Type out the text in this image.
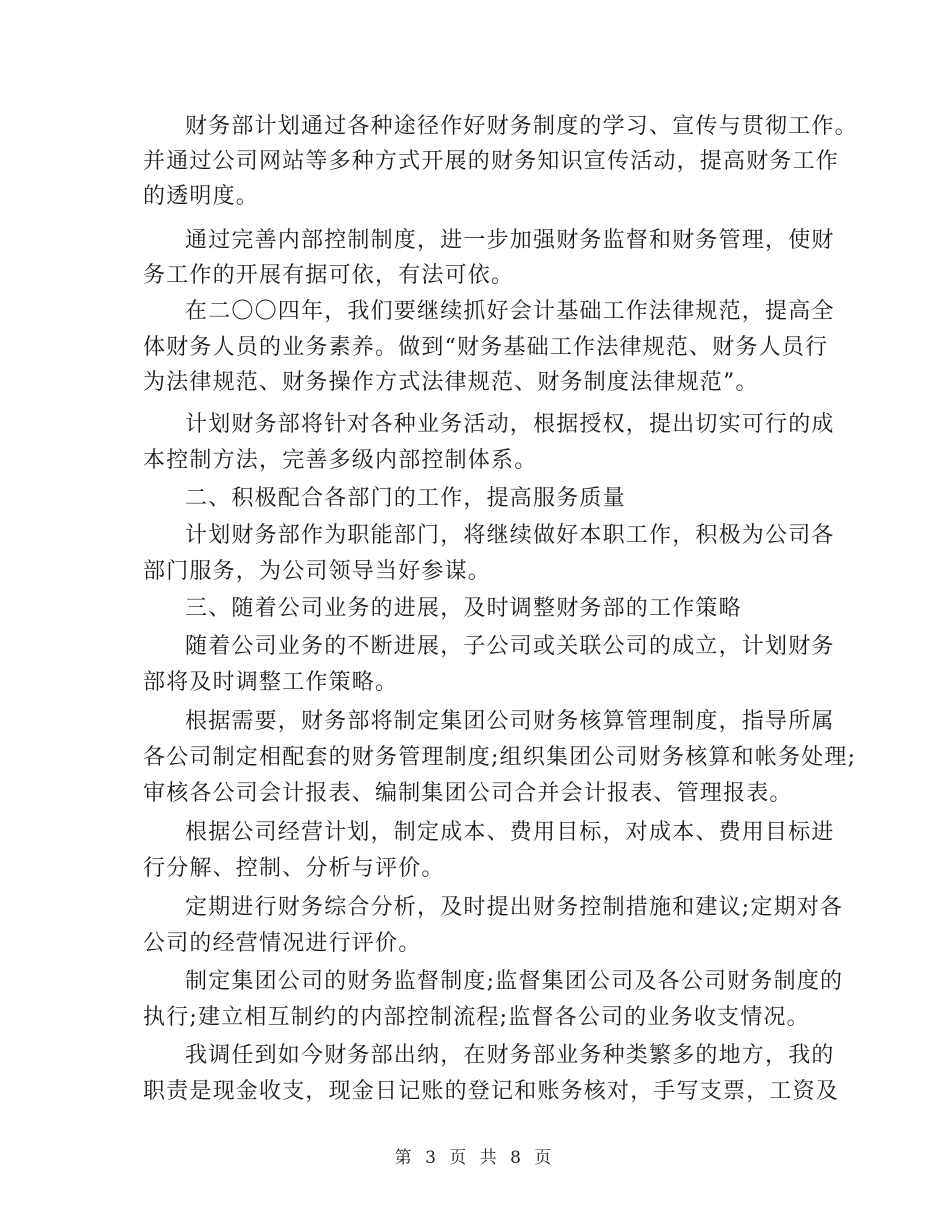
财务部计划通过各种途径作好财务制度的学习、宣传与贯彻工作。
并通过公司网站等多种方式开展的财务知识宣传活动，提高财务工作
的透明度。
通过完善内部控制制度，进一步加强财务监督和财务管理，使财
务工作的开展有据可依，有法可依。
在二〇〇四年，我们要继续抓好会计基础工作法律规范，提高全
体财务人员的业务素养。做到“财务基础工作法律规范、财务人员行
为法律规范、财务操作方式法律规范、财务制度法律规范”。
计划财务部将针对各种业务活动，根据授权，提出切实可行的成
本控制方法，完善多级内部控制体系。
二、积极配合各部门的工作，提高服务质量
计划财务部作为职能部门，将继续做好本职工作，积极为公司各
部门服务，为公司领导当好参谋。
三、随着公司业务的进展，及时调整财务部的工作策略
随着公司业务的不断进展，子公司或关联公司的成立，计划财务
部将及时调整工作策略。
根据需要，财务部将制定集团公司财务核算管理制度，指导所属
各公司制定相配套的财务管理制度;组织集团公司财务核算和帐务处理;
审核各公司会计报表、编制集团公司合并会计报表、管理报表。
根据公司经营计划，制定成本、费用目标，对成本、费用目标进
行分解、控制、分析与评价。
定期进行财务综合分析，及时提出财务控制措施和建议;定期对各
公司的经营情况进行评价。
制定集团公司的财务监督制度;监督集团公司及各公司财务制度的
执行;建立相互制约的内部控制流程;监督各公司的业务收支情况。
我调任到如今财务部出纳，在财务部业务种类繁多的地方，我的
职责是现金收支，现金日记账的登记和账务核对，手写支票，工资及
第 3 页 共 8 页
